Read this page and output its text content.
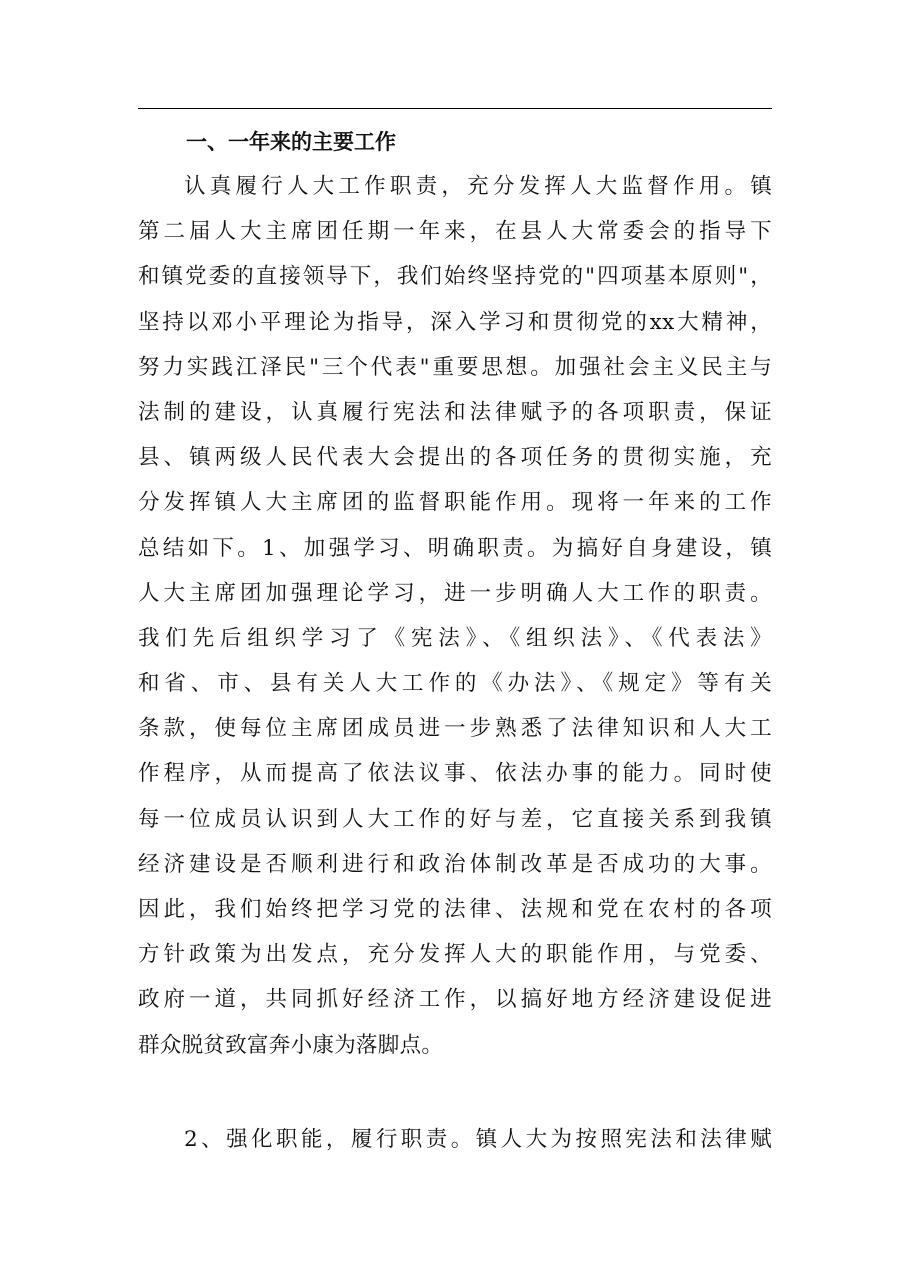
一、一年来的主要工作
认真履行人大工作职责，充分发挥人大监督作用。镇
第二届人大主席团任期一年来，在县人大常委会的指导下
和镇党委的直接领导下，我们始终坚持党的"四项基本原则"，
坚持以邓小平理论为指导，深入学习和贯彻党的xx大精神，
努力实践江泽民"三个代表"重要思想。加强社会主义民主与
法制的建设，认真履行宪法和法律赋予的各项职责，保证
县、镇两级人民代表大会提出的各项任务的贯彻实施，充
分发挥镇人大主席团的监督职能作用。现将一年来的工作
总结如下。1、加强学习、明确职责。为搞好自身建设，镇
人大主席团加强理论学习，进一步明确人大工作的职责。
我们先后组织学习了《宪法》、《组织法》、《代表法》
和省、市、县有关人大工作的《办法》、《规定》等有关
条款，使每位主席团成员进一步熟悉了法律知识和人大工
作程序，从而提高了依法议事、依法办事的能力。同时使
每一位成员认识到人大工作的好与差，它直接关系到我镇
经济建设是否顺利进行和政治体制改革是否成功的大事。
因此，我们始终把学习党的法律、法规和党在农村的各项
方针政策为出发点，充分发挥人大的职能作用，与党委、
政府一道，共同抓好经济工作，以搞好地方经济建设促进
群众脱贫致富奔小康为落脚点。
2、强化职能，履行职责。镇人大为按照宪法和法律赋
